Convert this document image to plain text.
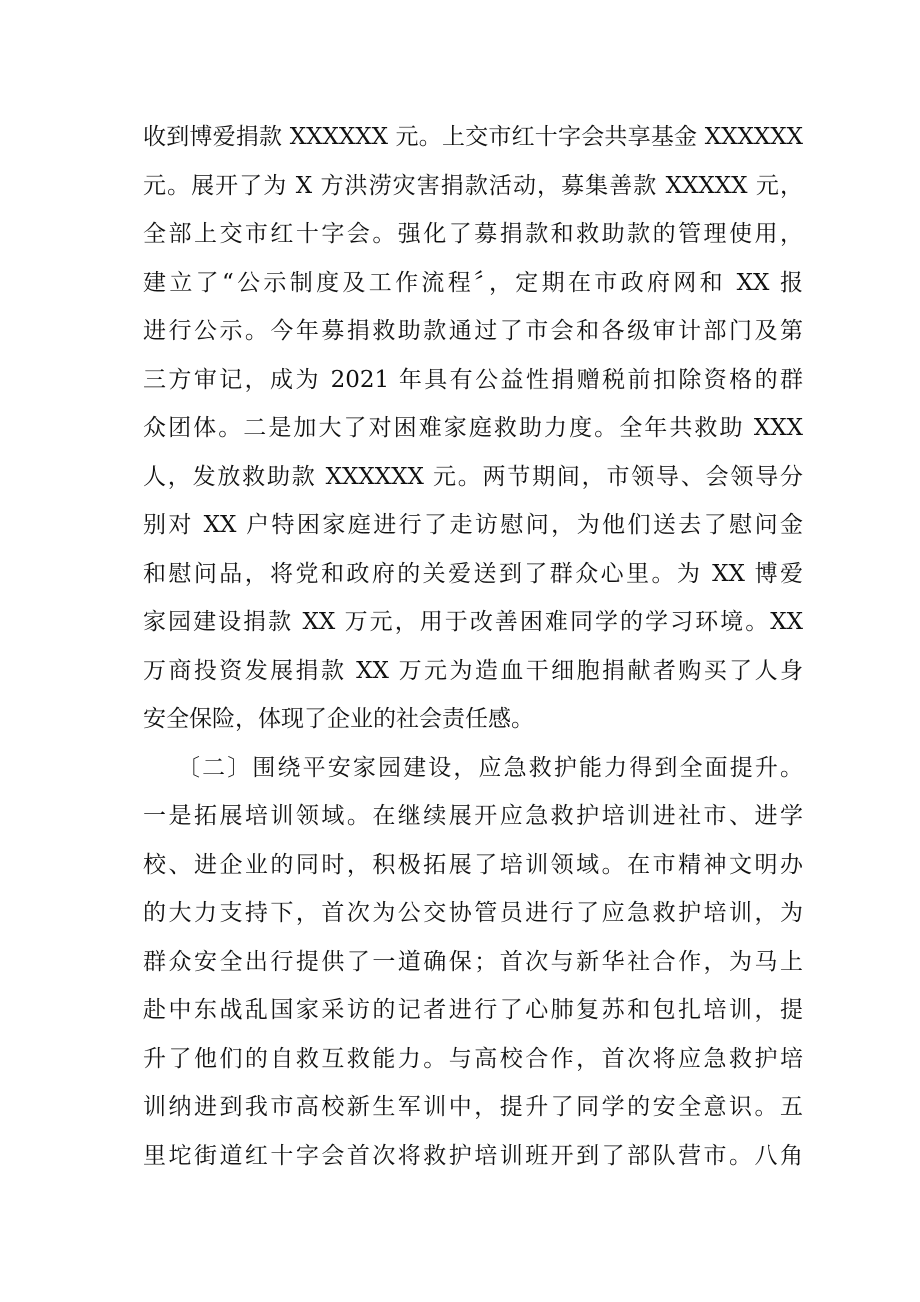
收到博爱捐款 XXXXXX 元。上交市红十字会共享基金 XXXXXX
元。展开了为 X 方洪涝灾害捐款活动，募集善款 XXXXX 元，
全部上交市红十字会。强化了募捐款和救助款的管理使用，
建立了“公示制度及工作流程〞，定期在市政府网和 XX 报
进行公示。今年募捐救助款通过了市会和各级审计部门及第
三方审记，成为 2021 年具有公益性捐赠税前扣除资格的群
众团体。二是加大了对困难家庭救助力度。全年共救助 XXX
人，发放救助款 XXXXXX 元。两节期间，市领导、会领导分
别对 XX 户特困家庭进行了走访慰问，为他们送去了慰问金
和慰问品，将党和政府的关爱送到了群众心里。为 XX 博爱
家园建设捐款 XX 万元，用于改善困难同学的学习环境。XX
万商投资发展捐款 XX 万元为造血干细胞捐献者购买了人身
安全保险，体现了企业的社会责任感。
〔二〕围绕平安家园建设，应急救护能力得到全面提升。
一是拓展培训领域。在继续展开应急救护培训进社市、进学
校、进企业的同时，积极拓展了培训领域。在市精神文明办
的大力支持下，首次为公交协管员进行了应急救护培训，为
群众安全出行提供了一道确保；首次与新华社合作，为马上
赴中东战乱国家采访的记者进行了心肺复苏和包扎培训，提
升了他们的自救互救能力。与高校合作，首次将应急救护培
训纳进到我市高校新生军训中，提升了同学的安全意识。五
里坨街道红十字会首次将救护培训班开到了部队营市。八角
